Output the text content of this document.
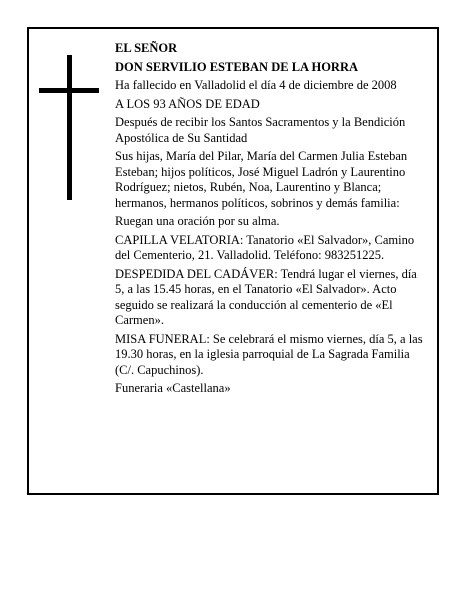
EL SEÑOR

DON SERVILIO ESTEBAN DE LA HORRA

Ha fallecido en Valladolid el día 4 de diciembre de 2008

A LOS 93 AÑOS DE EDAD

Después de recibir los Santos Sacramentos y la Bendición Apostólica de Su Santidad

Sus hijas, María del Pilar, María del Carmen Julia Esteban Esteban; hijos políticos, José Miguel Ladrón y Laurentino Rodríguez; nietos, Rubén, Noa, Laurentino y Blanca; hermanos, hermanos políticos, sobrinos y demás familia:

Ruegan una oración por su alma.

CAPILLA VELATORIA: Tanatorio «El Salvador», Camino del Cementerio, 21. Valladolid. Teléfono: 983251225.

DESPEDIDA DEL CADÁVER: Tendrá lugar el viernes, día 5, a las 15.45 horas, en el Tanatorio «El Salvador». Acto seguido se realizará la conducción al cementerio de «El Carmen».

MISA FUNERAL: Se celebrará el mismo viernes, día 5, a las 19.30 horas, en la iglesia parroquial de La Sagrada Familia (C/. Capuchinos).

Funeraria «Castellana»
